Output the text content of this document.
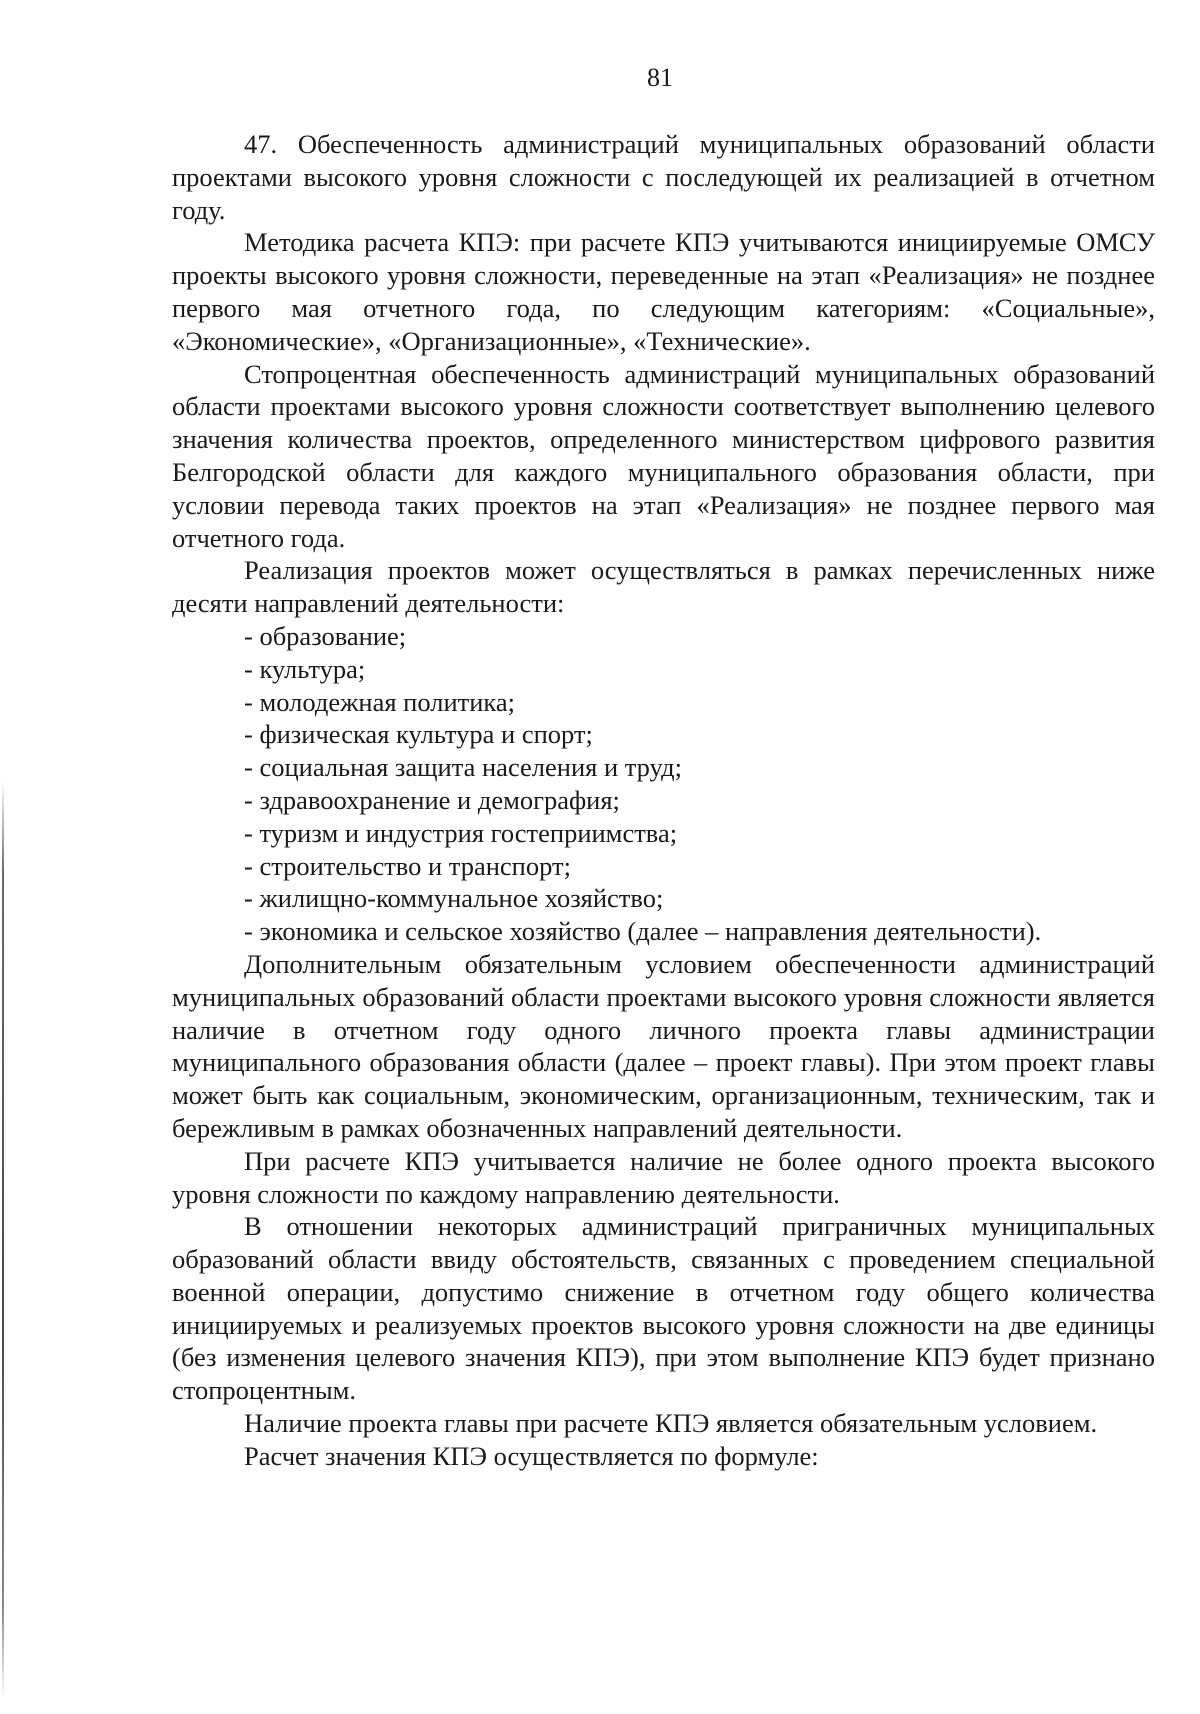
81

47. Обеспеченность администраций муниципальных образований области проектами высокого уровня сложности с последующей их реализацией в отчетном году.

Методика расчета КПЭ: при расчете КПЭ учитываются инициируемые ОМСУ проекты высокого уровня сложности, переведенные на этап «Реализация» не позднее первого мая отчетного года, по следующим категориям: «Социальные», «Экономические», «Организационные», «Технические».

Стопроцентная обеспеченность администраций муниципальных образований области проектами высокого уровня сложности соответствует выполнению целевого значения количества проектов, определенного министерством цифрового развития Белгородской области для каждого муниципального образования области, при условии перевода таких проектов на этап «Реализация» не позднее первого мая отчетного года.

Реализация проектов может осуществляться в рамках перечисленных ниже десяти направлений деятельности:

- образование;
- культура;
- молодежная политика;
- физическая культура и спорт;
- социальная защита населения и труд;
- здравоохранение и демография;
- туризм и индустрия гостеприимства;
- строительство и транспорт;
- жилищно-коммунальное хозяйство;
- экономика и сельское хозяйство (далее – направления деятельности).

Дополнительным обязательным условием обеспеченности администраций муниципальных образований области проектами высокого уровня сложности является наличие в отчетном году одного личного проекта главы администрации муниципального образования области (далее – проект главы). При этом проект главы может быть как социальным, экономическим, организационным, техническим, так и бережливым в рамках обозначенных направлений деятельности.

При расчете КПЭ учитывается наличие не более одного проекта высокого уровня сложности по каждому направлению деятельности.

В отношении некоторых администраций приграничных муниципальных образований области ввиду обстоятельств, связанных с проведением специальной военной операции, допустимо снижение в отчетном году общего количества инициируемых и реализуемых проектов высокого уровня сложности на две единицы (без изменения целевого значения КПЭ), при этом выполнение КПЭ будет признано стопроцентным.

Наличие проекта главы при расчете КПЭ является обязательным условием.

Расчет значения КПЭ осуществляется по формуле:
